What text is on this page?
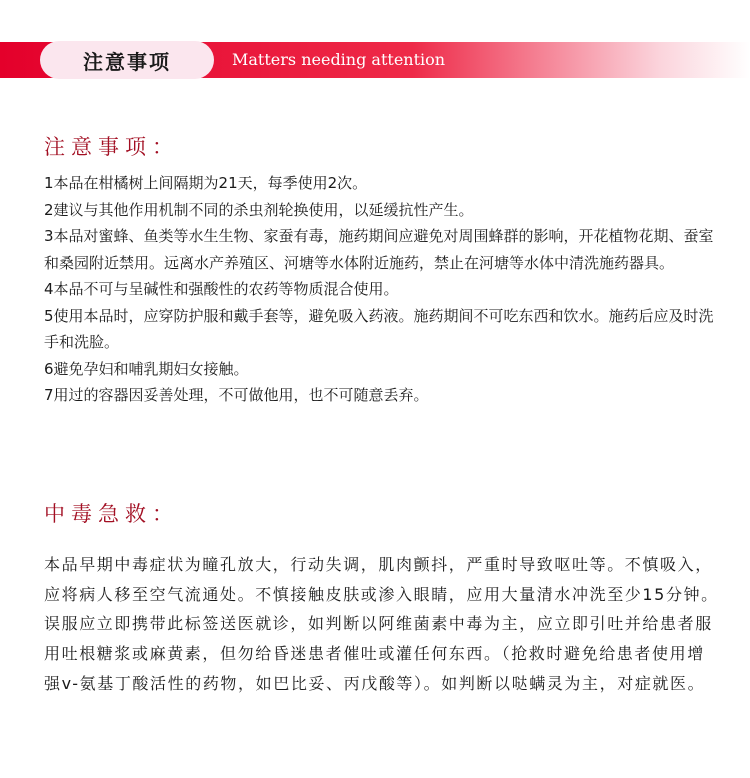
注意事项	Matters needing attention
注意事项：
1本品在柑橘树上间隔期为21天，每季使用2次。
2建议与其他作用机制不同的杀虫剂轮换使用，以延缓抗性产生。
3本品对蜜蜂、鱼类等水生生物、家蚕有毒，施药期间应避免对周围蜂群的影响，开花植物花期、蚕室和桑园附近禁用。远离水产养殖区、河塘等水体附近施药，禁止在河塘等水体中清洗施药器具。
4本品不可与呈碱性和强酸性的农药等物质混合使用。
5使用本品时，应穿防护服和戴手套等，避免吸入药液。施药期间不可吃东西和饮水。施药后应及时洗手和洗脸。
6避免孕妇和哺乳期妇女接触。
7用过的容器因妥善处理，不可做他用，也不可随意丢弃。
中毒急救：

本品早期中毒症状为瞳孔放大，行动失调，肌肉颤抖，严重时导致呕吐等。不慎吸入，应将病人移至空气流通处。不慎接触皮肤或渗入眼睛，应用大量清水冲洗至少15分钟。误服应立即携带此标签送医就诊，如判断以阿维菌素中毒为主，应立即引吐并给患者服用吐根糖浆或麻黄素，但勿给昏迷患者催吐或灌任何东西。（抢救时避免给患者使用增强v-氨基丁酸活性的药物，如巴比妥、丙戊酸等）。如判断以哒螨灵为主，对症就医。
